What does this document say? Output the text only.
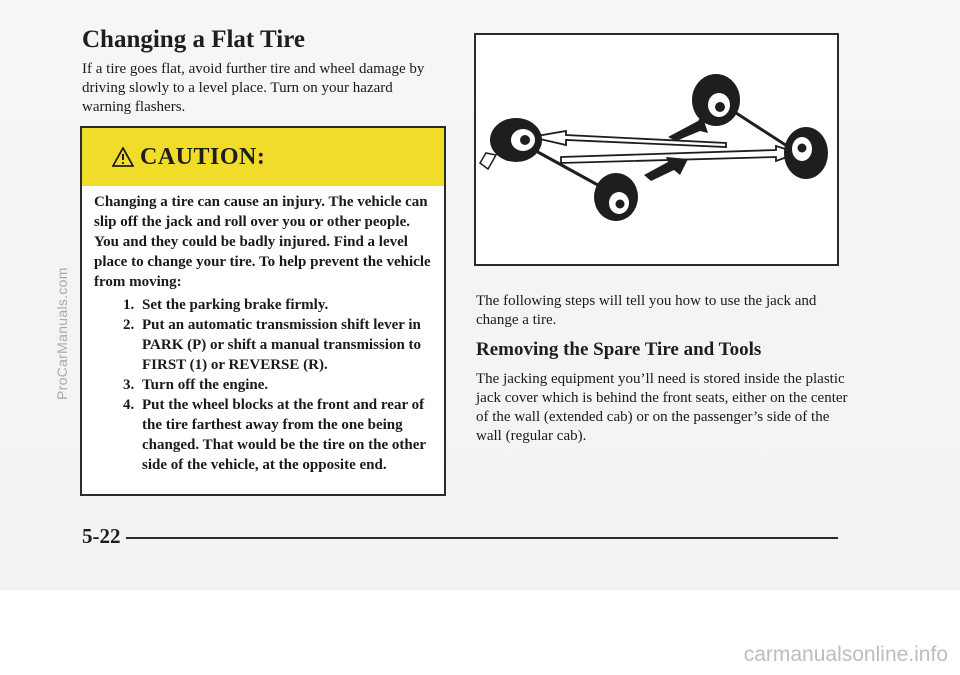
Changing a Flat Tire

If a tire goes flat, avoid further tire and wheel damage by driving slowly to a level place. Turn on your hazard warning flashers.

CAUTION:

Changing a tire can cause an injury. The vehicle can slip off the jack and roll over you or other people. You and they could be badly injured. Find a level place to change your tire. To help prevent the vehicle from moving:

1. Set the parking brake firmly.
2. Put an automatic transmission shift lever in PARK (P) or shift a manual transmission to FIRST (1) or REVERSE (R).
3. Turn off the engine.
4. Put the wheel blocks at the front and rear of the tire farthest away from the one being changed. That would be the tire on the other side of the vehicle, at the opposite end.

The following steps will tell you how to use the jack and change a tire.

Removing the Spare Tire and Tools

The jacking equipment you’ll need is stored inside the plastic jack cover which is behind the front seats, either on the center of the wall (extended cab) or on the passenger’s side of the wall (regular cab).

5-22
ProCarManuals.com
carmanualsonline.info
